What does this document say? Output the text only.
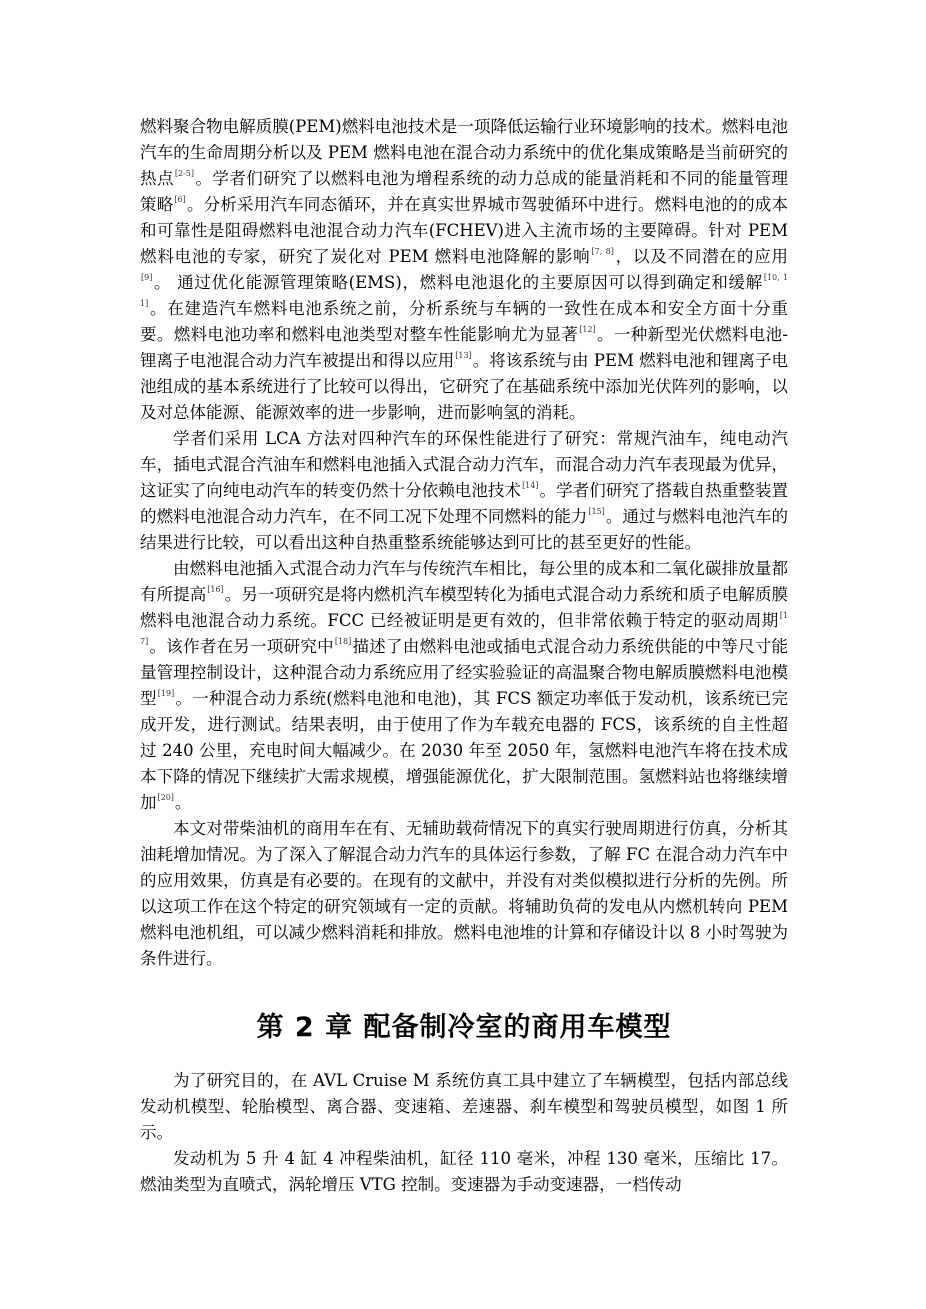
燃料聚合物电解质膜(PEM)燃料电池技术是一项降低运输行业环境影响的技术。燃料电池汽车的生命周期分析以及 PEM 燃料电池在混合动力系统中的优化集成策略是当前研究的热点[2-5]。学者们研究了以燃料电池为增程系统的动力总成的能量消耗和不同的能量管理策略[6]。分析采用汽车同态循环，并在真实世界城市驾驶循环中进行。燃料电池的的成本和可靠性是阻碍燃料电池混合动力汽车(FCHEV)进入主流市场的主要障碍。针对 PEM 燃料电池的专家，研究了炭化对 PEM 燃料电池降解的影响[7, 8]，以及不同潜在的应用[9]。 通过优化能源管理策略(EMS)，燃料电池退化的主要原因可以得到确定和缓解[10, 11]。在建造汽车燃料电池系统之前，分析系统与车辆的一致性在成本和安全方面十分重要。燃料电池功率和燃料电池类型对整车性能影响尤为显著[12]。一种新型光伏燃料电池-锂离子电池混合动力汽车被提出和得以应用[13]。将该系统与由 PEM 燃料电池和锂离子电池组成的基本系统进行了比较可以得出，它研究了在基础系统中添加光伏阵列的影响，以及对总体能源、能源效率的进一步影响，进而影响氢的消耗。

学者们采用 LCA 方法对四种汽车的环保性能进行了研究：常规汽油车，纯电动汽车，插电式混合汽油车和燃料电池插入式混合动力汽车，而混合动力汽车表现最为优异，这证实了向纯电动汽车的转变仍然十分依赖电池技术[14]。学者们研究了搭载自热重整装置的燃料电池混合动力汽车，在不同工况下处理不同燃料的能力[15]。通过与燃料电池汽车的结果进行比较，可以看出这种自热重整系统能够达到可比的甚至更好的性能。

由燃料电池插入式混合动力汽车与传统汽车相比，每公里的成本和二氧化碳排放量都有所提高[16]。另一项研究是将内燃机汽车模型转化为插电式混合动力系统和质子电解质膜燃料电池混合动力系统。FCC 已经被证明是更有效的，但非常依赖于特定的驱动周期[17]。该作者在另一项研究中[18]描述了由燃料电池或插电式混合动力系统供能的中等尺寸能量管理控制设计，这种混合动力系统应用了经实验验证的高温聚合物电解质膜燃料电池模型[19]。一种混合动力系统(燃料电池和电池)，其 FCS 额定功率低于发动机，该系统已完成开发，进行测试。结果表明，由于使用了作为车载充电器的 FCS，该系统的自主性超过 240 公里，充电时间大幅减少。在 2030 年至 2050 年，氢燃料电池汽车将在技术成本下降的情况下继续扩大需求规模，增强能源优化，扩大限制范围。氢燃料站也将继续增加[20]。

本文对带柴油机的商用车在有、无辅助载荷情况下的真实行驶周期进行仿真，分析其油耗增加情况。为了深入了解混合动力汽车的具体运行参数，了解 FC 在混合动力汽车中的应用效果，仿真是有必要的。在现有的文献中，并没有对类似模拟进行分析的先例。所以这项工作在这个特定的研究领域有一定的贡献。将辅助负荷的发电从内燃机转向 PEM 燃料电池机组，可以减少燃料消耗和排放。燃料电池堆的计算和存储设计以 8 小时驾驶为条件进行。

第 2 章 配备制冷室的商用车模型

为了研究目的，在 AVL Cruise M 系统仿真工具中建立了车辆模型，包括内部总线发动机模型、轮胎模型、离合器、变速箱、差速器、刹车模型和驾驶员模型，如图 1 所示。

发动机为 5 升 4 缸 4 冲程柴油机，缸径 110 毫米，冲程 130 毫米，压缩比 17。燃油类型为直喷式，涡轮增压 VTG 控制。变速器为手动变速器，一档传动
